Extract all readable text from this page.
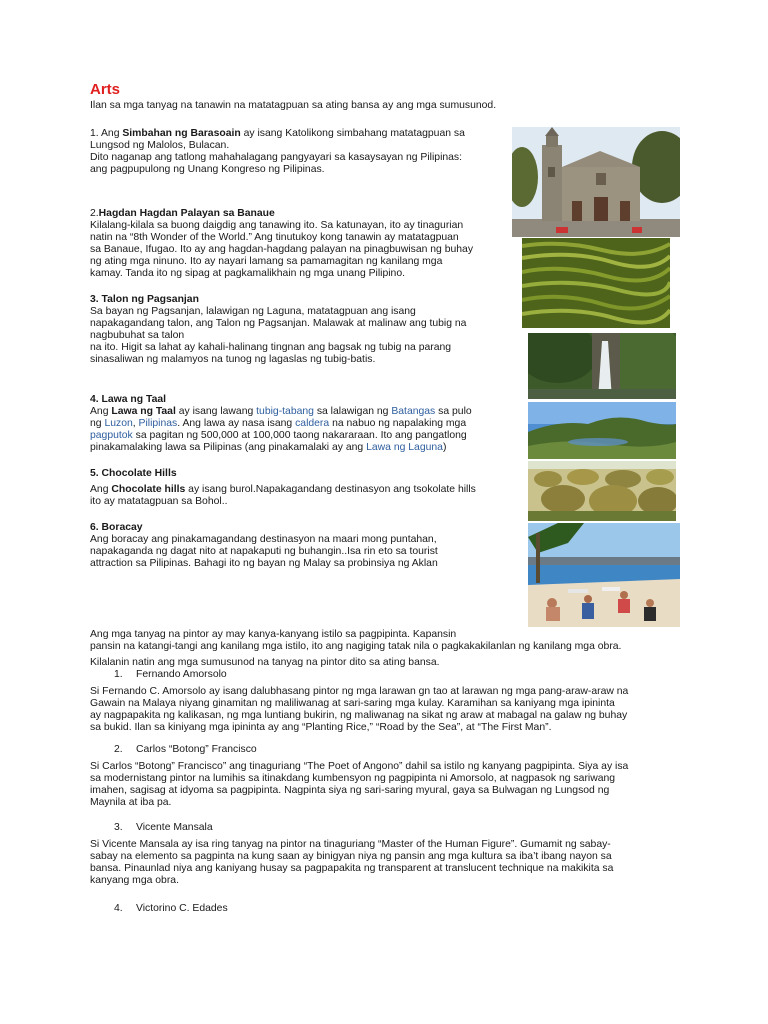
Arts

Ilan sa mga tanyag na tanawin na matatagpuan sa ating bansa ay ang mga sumusunod.

1. Ang Simbahan ng Barasoain ay isang Katolikong simbahang matatagpuan sa

Lungsod ng Malolos, Bulacan.

Dito naganap ang tatlong mahahalagang pangyayari sa kasaysayan ng Pilipinas:

ang pagpupulong ng Unang Kongreso ng Pilipinas.

2.Hagdan Hagdan Palayan sa Banaue

Kilalang-kilala sa buong daigdig ang tanawing ito. Sa katunayan, ito ay tinagurian

natin na “8th Wonder of the World.” Ang tinutukoy kong tanawin ay matatagpuan

sa Banaue, Ifugao. Ito ay ang hagdan-hagdang palayan na pinagbuwisan ng buhay

ng ating mga ninuno. Ito ay nayari lamang sa pamamagitan ng kanilang mga

kamay. Tanda ito ng sipag at pagkamalikhain ng mga unang Pilipino.

3. Talon ng Pagsanjan

Sa bayan ng Pagsanjan, lalawigan ng Laguna, matatagpuan ang isang

napakagandang talon, ang Talon ng Pagsanjan. Malawak at malinaw ang tubig na

nagbubuhat sa talon

na ito. Higit sa lahat ay kahali-halinang tingnan ang bagsak ng tubig na parang

sinasaliwan ng malamyos na tunog ng lagaslas ng tubig-batis.

4. Lawa ng Taal

Ang Lawa ng Taal ay isang lawang tubig-tabang sa lalawigan ng Batangas sa pulo

ng Luzon, Pilipinas. Ang lawa ay nasa isang caldera na nabuo ng napalaking mga

pagputok sa pagitan ng 500,000 at 100,000 taong nakararaan. Ito ang pangatlong

pinakamalaking lawa sa Pilipinas (ang pinakamalaki ay ang Lawa ng Laguna)

5. Chocolate Hills

Ang Chocolate hills ay isang burol.Napakagandang destinasyon ang tsokolate hills

ito ay matatagpuan sa Bohol..

6. Boracay

Ang boracay ang pinakamagandang destinasyon na maari mong puntahan,

napakaganda ng dagat nito at napakaputi ng buhangin..Isa rin eto sa tourist

attraction sa Pilipinas. Bahagi ito ng bayan ng Malay sa probinsiya ng Aklan

Ang mga tanyag na pintor ay may kanya-kanyang istilo sa pagpipinta. Kapansin

pansin na katangi-tangi ang kanilang mga istilo, ito ang nagiging tatak nila o pagkakakilanlan ng kanilang mga obra.

Kilalanin natin ang mga sumusunod na tanyag na pintor dito sa ating bansa.

1. Fernando Amorsolo

Si Fernando C. Amorsolo ay isang dalubhasang pintor ng mga larawan gn tao at larawan ng mga pang-araw-araw na

Gawain na Malaya niyang ginamitan ng maliliwanag at sari-saring mga kulay. Karamihan sa kaniyang mga ipininta

ay nagpapakita ng kalikasan, ng mga luntiang bukirin, ng maliwanag na sikat ng araw at mabagal na galaw ng buhay

sa bukid. Ilan sa kiniyang mga ipininta ay ang “Planting Rice,” “Road by the Sea”, at “The First Man”.

2. Carlos “Botong” Francisco

Si Carlos “Botong” Francisco” ang tinaguriang “The Poet of Angono” dahil sa istilo ng kanyang pagpipinta. Siya ay isa

sa modernistang pintor na lumihis sa itinakdang kumbensyon ng pagpipinta ni Amorsolo, at nagpasok ng sariwang

imahen, sagisag at idyoma sa pagpipinta. Nagpinta siya ng sari-saring myural, gaya sa Bulwagan ng Lungsod ng

Maynila at iba pa.

3. Vicente Mansala

Si Vicente Mansala ay isa ring tanyag na pintor na tinaguriang “Master of the Human Figure”. Gumamit ng sabay-

sabay na elemento sa pagpinta na kung saan ay binigyan niya ng pansin ang mga kultura sa iba’t ibang nayon sa

bansa. Pinaunlad niya ang kaniyang husay sa pagpapakita ng transparent at translucent technique na makikita sa

kanyang mga obra.

4. Victorino C. Edades
